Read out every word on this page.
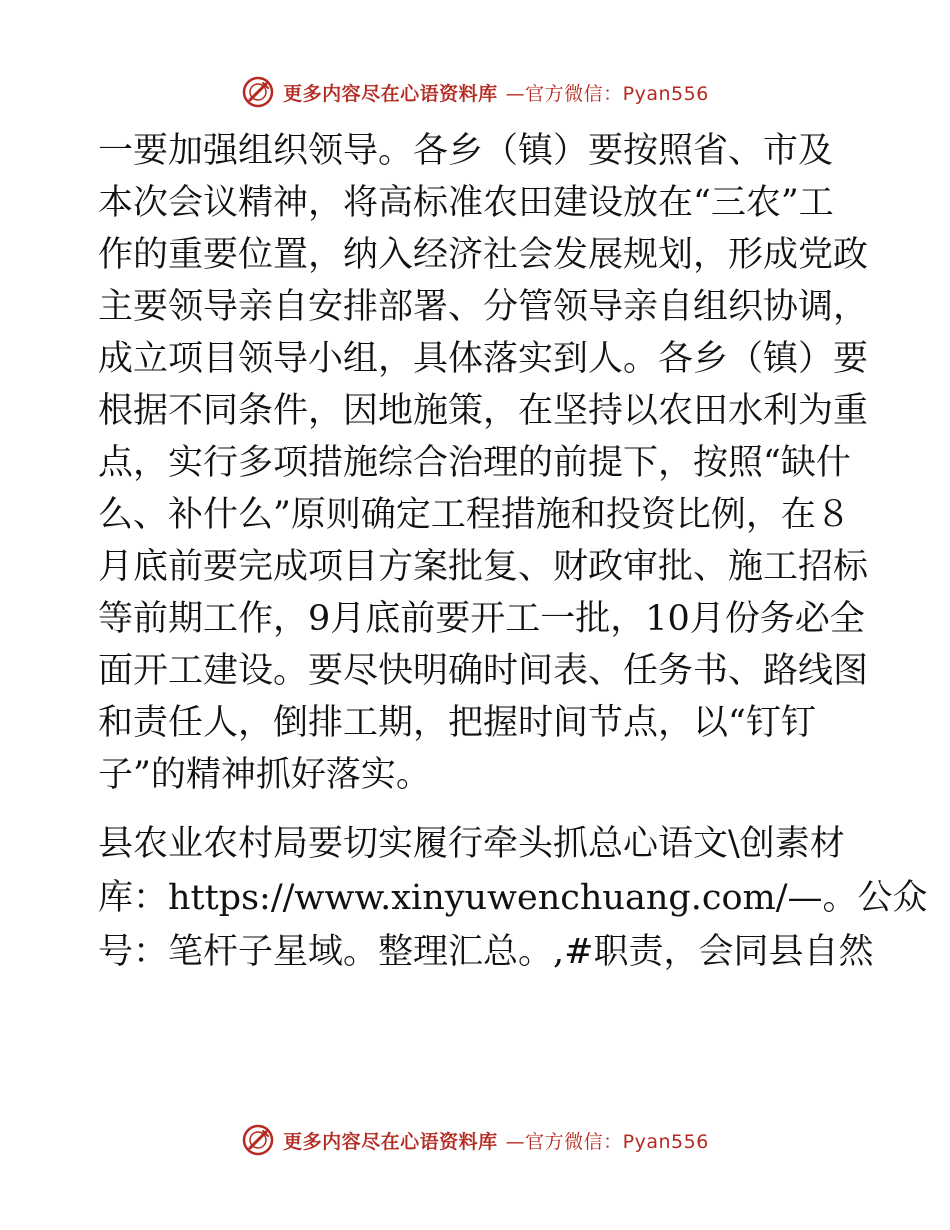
更多内容尽在心语资料库 —官方微信：Pyan556
一要加强组织领导。各乡（镇）要按照省、市及
本次会议精神，将高标准农田建设放在“三农”工
作的重要位置，纳入经济社会发展规划，形成党政
主要领导亲自安排部署、分管领导亲自组织协调，
成立项目领导小组，具体落实到人。各乡（镇）要
根据不同条件，因地施策，在坚持以农田水利为重
点，实行多项措施综合治理的前提下，按照“缺什
么、补什么”原则确定工程措施和投资比例，在８
月底前要完成项目方案批复、财政审批、施工招标
等前期工作，9月底前要开工一批，10月份务必全
面开工建设。要尽快明确时间表、任务书、路线图
和责任人，倒排工期，把握时间节点，以“钉钉
子”的精神抓好落实。
县农业农村局要切实履行牵头抓总心语文\创素材
库：https://www.xinyuwenchuang.com/—。公众
号：笔杆子星域。整理汇总。,#职责，会同县自然
更多内容尽在心语资料库 —官方微信：Pyan556
